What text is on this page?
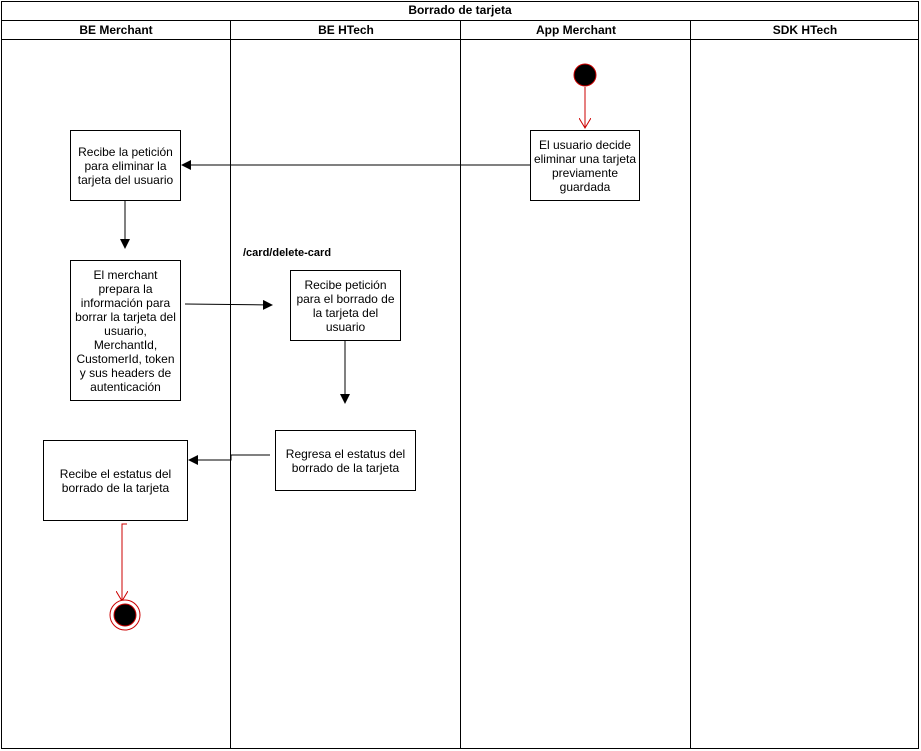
Borrado de tarjeta
BE Merchant	BE HTech	App Merchant	SDK HTech
El usuario decide eliminar una tarjeta previamente guardada
Recibe la petición para eliminar la tarjeta del usuario
El merchant prepara la información para borrar la tarjeta del usuario, MerchantId, CustomerId, token y sus headers de autenticación
Recibe petición para el borrado de la tarjeta del usuario
Regresa el estatus del borrado de la tarjeta
Recibe el estatus del borrado de la tarjeta
/card/delete-card
